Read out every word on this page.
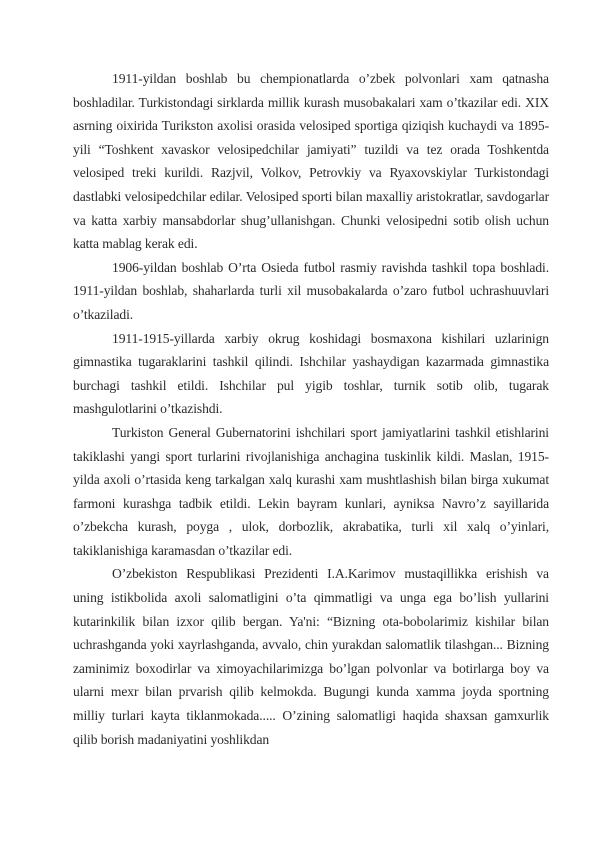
1911-yildan boshlab bu chempionatlarda o’zbek polvonlari xam qatnasha boshladilar. Turkistondagi sirklarda millik kurash musobakalari xam o’tkazilar edi. XIX asrning oixirida Turikston axolisi orasida velosiped sportiga qiziqish kuchaydi va 1895-yili “Toshkent xavaskor velosipedchilar jamiyati” tuzildi va tez orada Toshkentda velosiped treki kurildi. Razjvil, Volkov, Petrovkiy va Ryaxovskiylar Turkistondagi dastlabki velosipedchilar edilar. Velosiped sporti bilan maxalliy aristokratlar, savdogarlar va katta xarbiy mansabdorlar shug’ullanishgan. Chunki velosipedni sotib olish uchun katta mablag kerak edi.

1906-yildan boshlab O’rta Osieda futbol rasmiy ravishda tashkil topa boshladi. 1911-yildan boshlab, shaharlarda turli xil musobakalarda o’zaro futbol uchrashuuvlari o’tkaziladi.

1911-1915-yillarda xarbiy okrug koshidagi bosmaxona kishilari uzlarinign gimnastika tugaraklarini tashkil qilindi. Ishchilar yashaydigan kazarmada gimnastika burchagi tashkil etildi. Ishchilar pul yigib toshlar, turnik sotib olib, tugarak mashgulotlarini o’tkazishdi.

Turkiston General Gubernatorini ishchilari sport jamiyatlarini tashkil etishlarini takiklashi yangi sport turlarini rivojlanishiga anchagina tuskinlik kildi. Maslan, 1915-yilda axoli o’rtasida keng tarkalgan xalq kurashi xam mushtlashish bilan birga xukumat farmoni kurashga tadbik etildi. Lekin bayram kunlari, ayniksa Navro’z sayillarida o’zbekcha kurash, poyga , ulok, dorbozlik, akrabatika, turli xil xalq o’yinlari, takiklanishiga karamasdan o’tkazilar edi.

O’zbekiston Respublikasi Prezidenti I.A.Karimov mustaqillikka erishish va uning istikbolida axoli salomatligini o’ta qimmatligi va unga ega bo’lish yullarini kutarinkilik bilan izxor qilib bergan. Ya'ni: “Bizning ota-bobolarimiz kishilar bilan uchrashganda yoki xayrlashganda, avvalo, chin yurakdan salomatlik tilashgan... Bizning zaminimiz boxodirlar va ximoyachilarimizga bo’lgan polvonlar va botirlarga boy va ularni mexr bilan prvarish qilib kelmokda. Bugungi kunda xamma joyda sportning milliy turlari kayta tiklanmokada..... O’zining salomatligi haqida shaxsan gamxurlik qilib borish madaniyatini yoshlikdan
